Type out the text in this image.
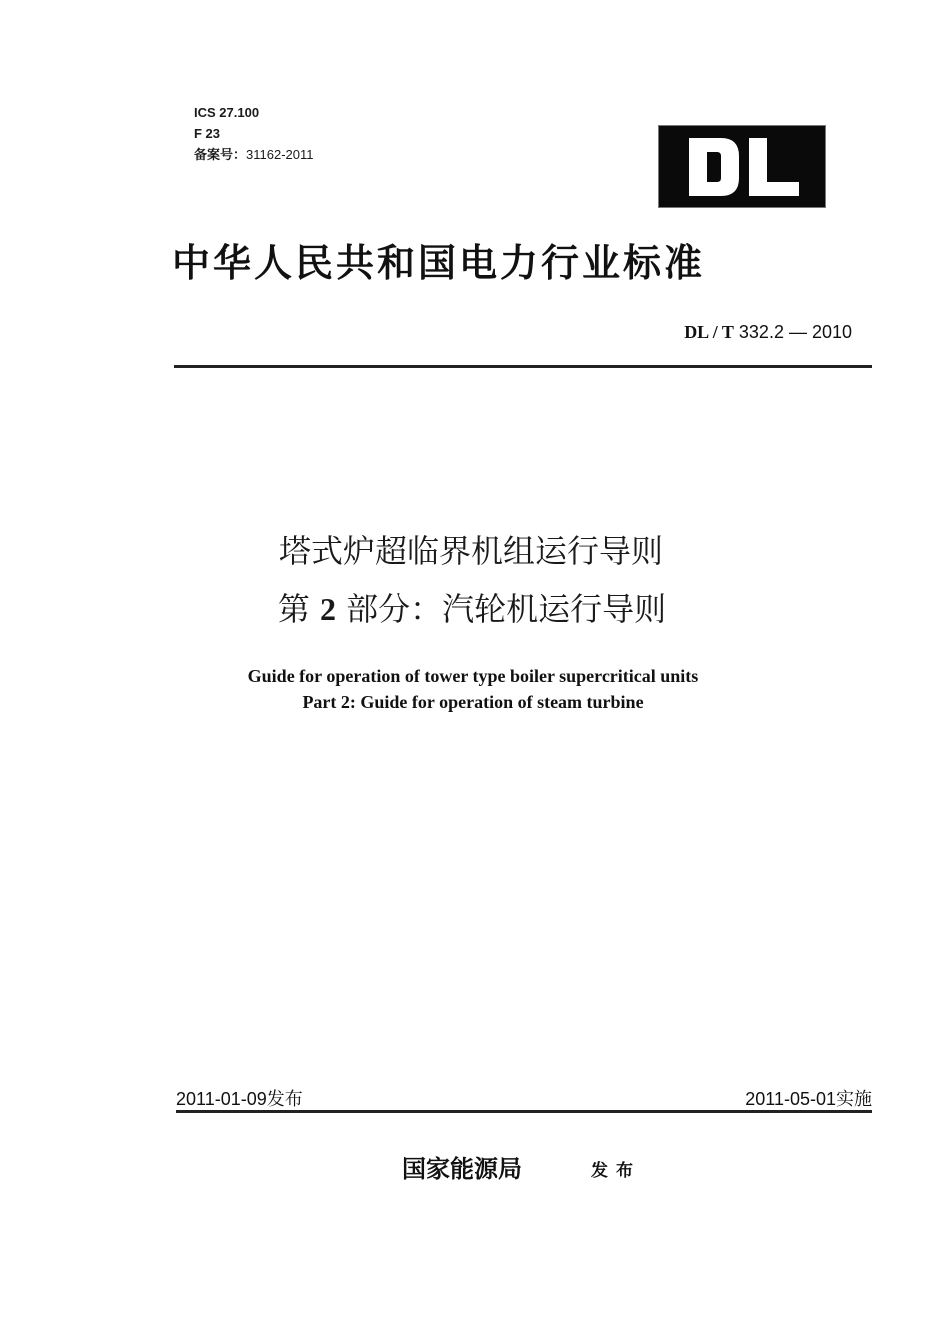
ICS 27.100
F 23
备案号：31162-2011
中华人民共和国电力行业标准
DL / T 332.2 — 2010
塔式炉超临界机组运行导则
第 2 部分：汽轮机运行导则
Guide for operation of tower type boiler supercritical units
Part 2: Guide for operation of steam turbine
2011-01-09发布	2011-05-01实施
国家能源局	发布
